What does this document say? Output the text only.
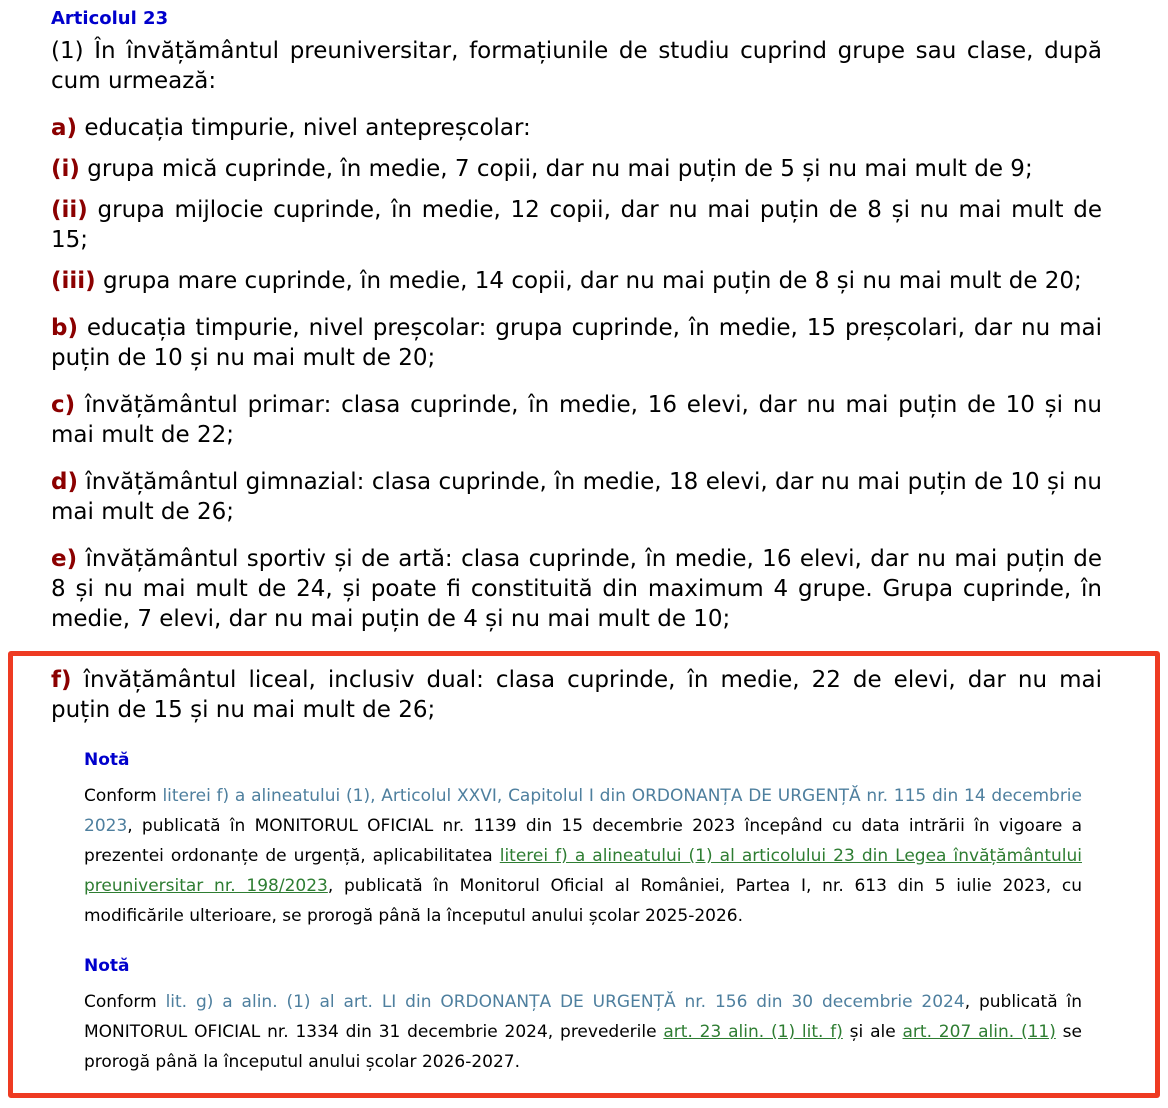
Articolul 23

(1) În învățământul preuniversitar, formațiunile de studiu cuprind grupe sau clase, după cum urmează:

a) educația timpurie, nivel antepreșcolar:

(i) grupa mică cuprinde, în medie, 7 copii, dar nu mai puțin de 5 și nu mai mult de 9;

(ii) grupa mijlocie cuprinde, în medie, 12 copii, dar nu mai puțin de 8 și nu mai mult de 15;

(iii) grupa mare cuprinde, în medie, 14 copii, dar nu mai puțin de 8 și nu mai mult de 20;

b) educația timpurie, nivel preșcolar: grupa cuprinde, în medie, 15 preșcolari, dar nu mai puțin de 10 și nu mai mult de 20;

c) învățământul primar: clasa cuprinde, în medie, 16 elevi, dar nu mai puțin de 10 și nu mai mult de 22;

d) învățământul gimnazial: clasa cuprinde, în medie, 18 elevi, dar nu mai puțin de 10 și nu mai mult de 26;

e) învățământul sportiv și de artă: clasa cuprinde, în medie, 16 elevi, dar nu mai puțin de 8 și nu mai mult de 24, și poate fi constituită din maximum 4 grupe. Grupa cuprinde, în medie, 7 elevi, dar nu mai puțin de 4 și nu mai mult de 10;

f) învățământul liceal, inclusiv dual: clasa cuprinde, în medie, 22 de elevi, dar nu mai puțin de 15 și nu mai mult de 26;

Notă

Conform literei f) a alineatului (1), Articolul XXVI, Capitolul I din ORDONANȚA DE URGENȚĂ nr. 115 din 14 decembrie 2023, publicată în MONITORUL OFICIAL nr. 1139 din 15 decembrie 2023 începând cu data intrării în vigoare a prezentei ordonanțe de urgență, aplicabilitatea literei f) a alineatului (1) al articolului 23 din Legea învățământului preuniversitar nr. 198/2023, publicată în Monitorul Oficial al României, Partea I, nr. 613 din 5 iulie 2023, cu modificările ulterioare, se prorogă până la începutul anului școlar 2025-2026.

Notă

Conform lit. g) a alin. (1) al art. LI din ORDONANȚA DE URGENȚĂ nr. 156 din 30 decembrie 2024, publicată în MONITORUL OFICIAL nr. 1334 din 31 decembrie 2024, prevederile art. 23 alin. (1) lit. f) și ale art. 207 alin. (11) se prorogă până la începutul anului școlar 2026-2027.
